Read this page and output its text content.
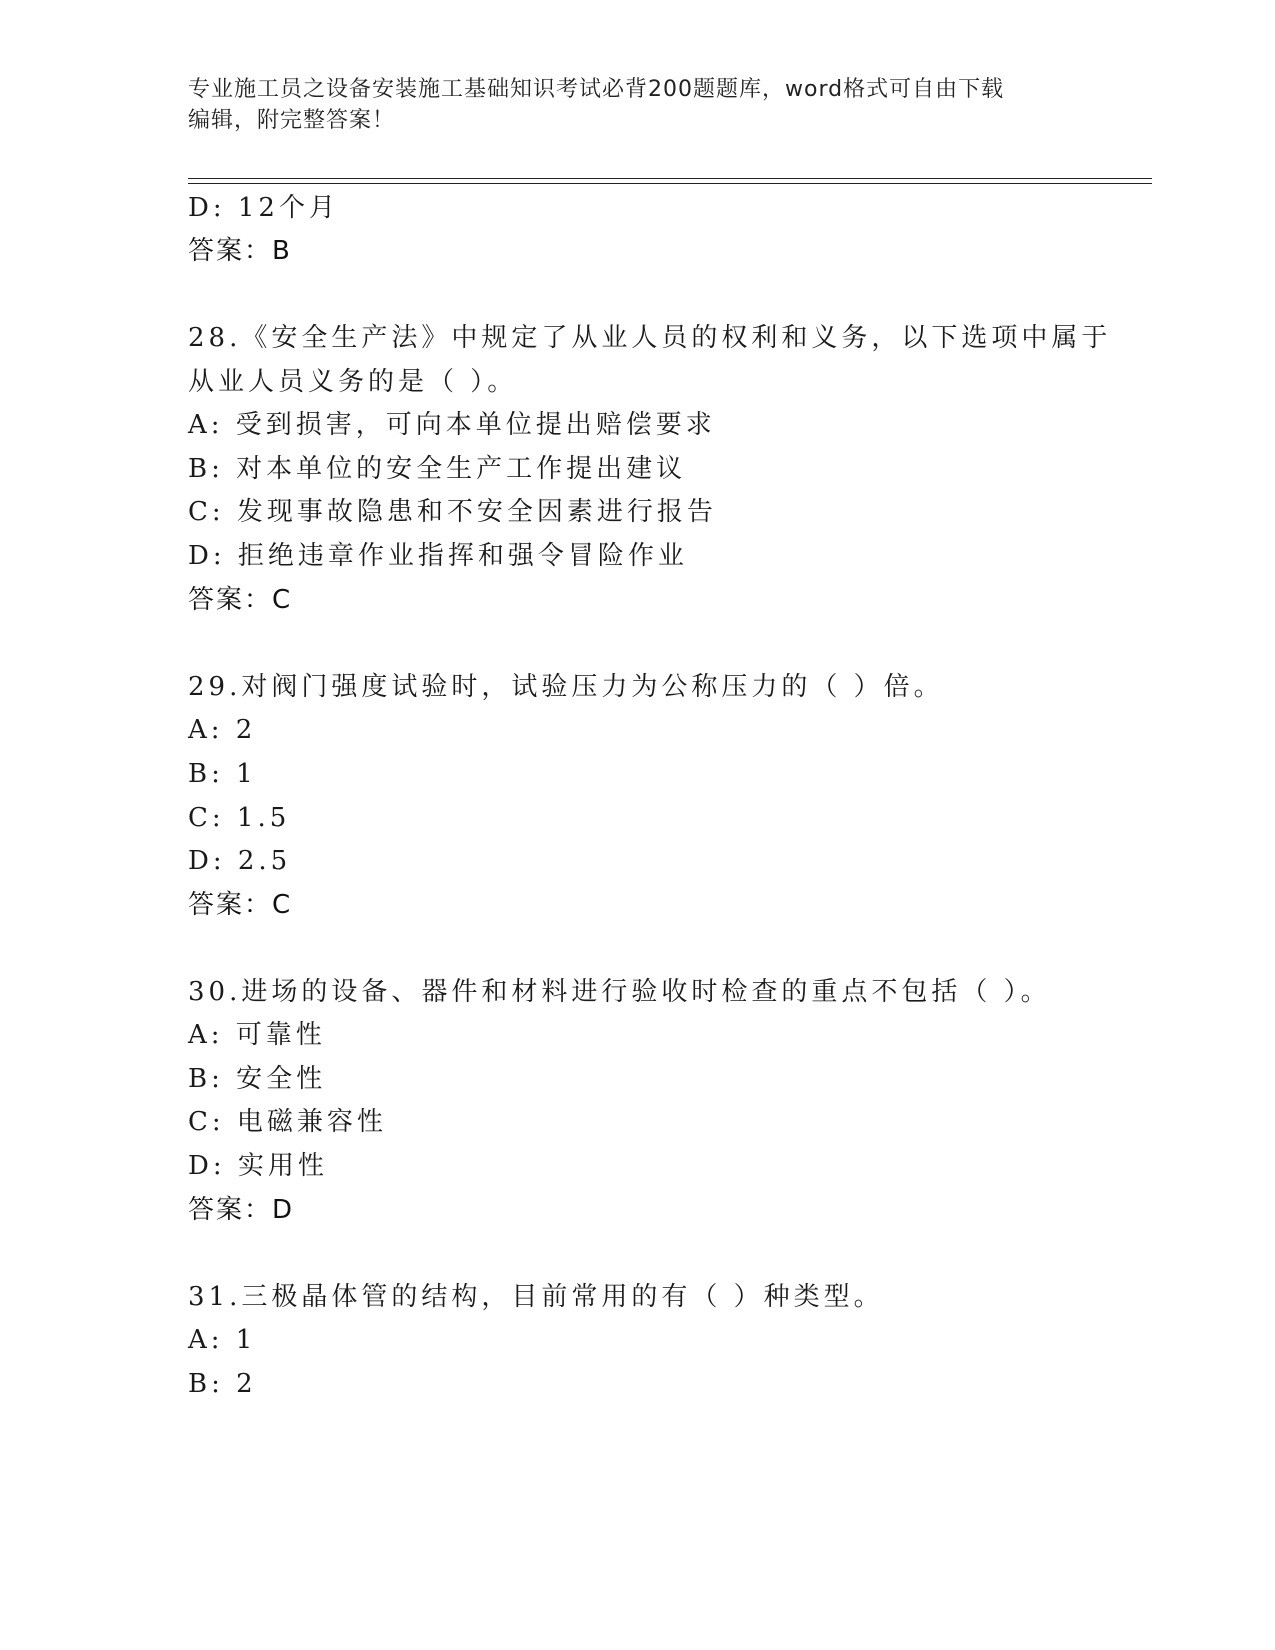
专业施工员之设备安装施工基础知识考试必背200题题库，word格式可自由下载
编辑，附完整答案！
D: 12个月
答案：B
28.《安全生产法》中规定了从业人员的权利和义务，以下选项中属于
从业人员义务的是（ ）。
A: 受到损害，可向本单位提出赔偿要求
B: 对本单位的安全生产工作提出建议
C: 发现事故隐患和不安全因素进行报告
D: 拒绝违章作业指挥和强令冒险作业
答案：C
29.对阀门强度试验时，试验压力为公称压力的（ ）倍。
A: 2
B: 1
C: 1.5
D: 2.5
答案：C
30.进场的设备、器件和材料进行验收时检查的重点不包括（ ）。
A: 可靠性
B: 安全性
C: 电磁兼容性
D: 实用性
答案：D
31.三极晶体管的结构，目前常用的有（ ）种类型。
A: 1
B: 2
